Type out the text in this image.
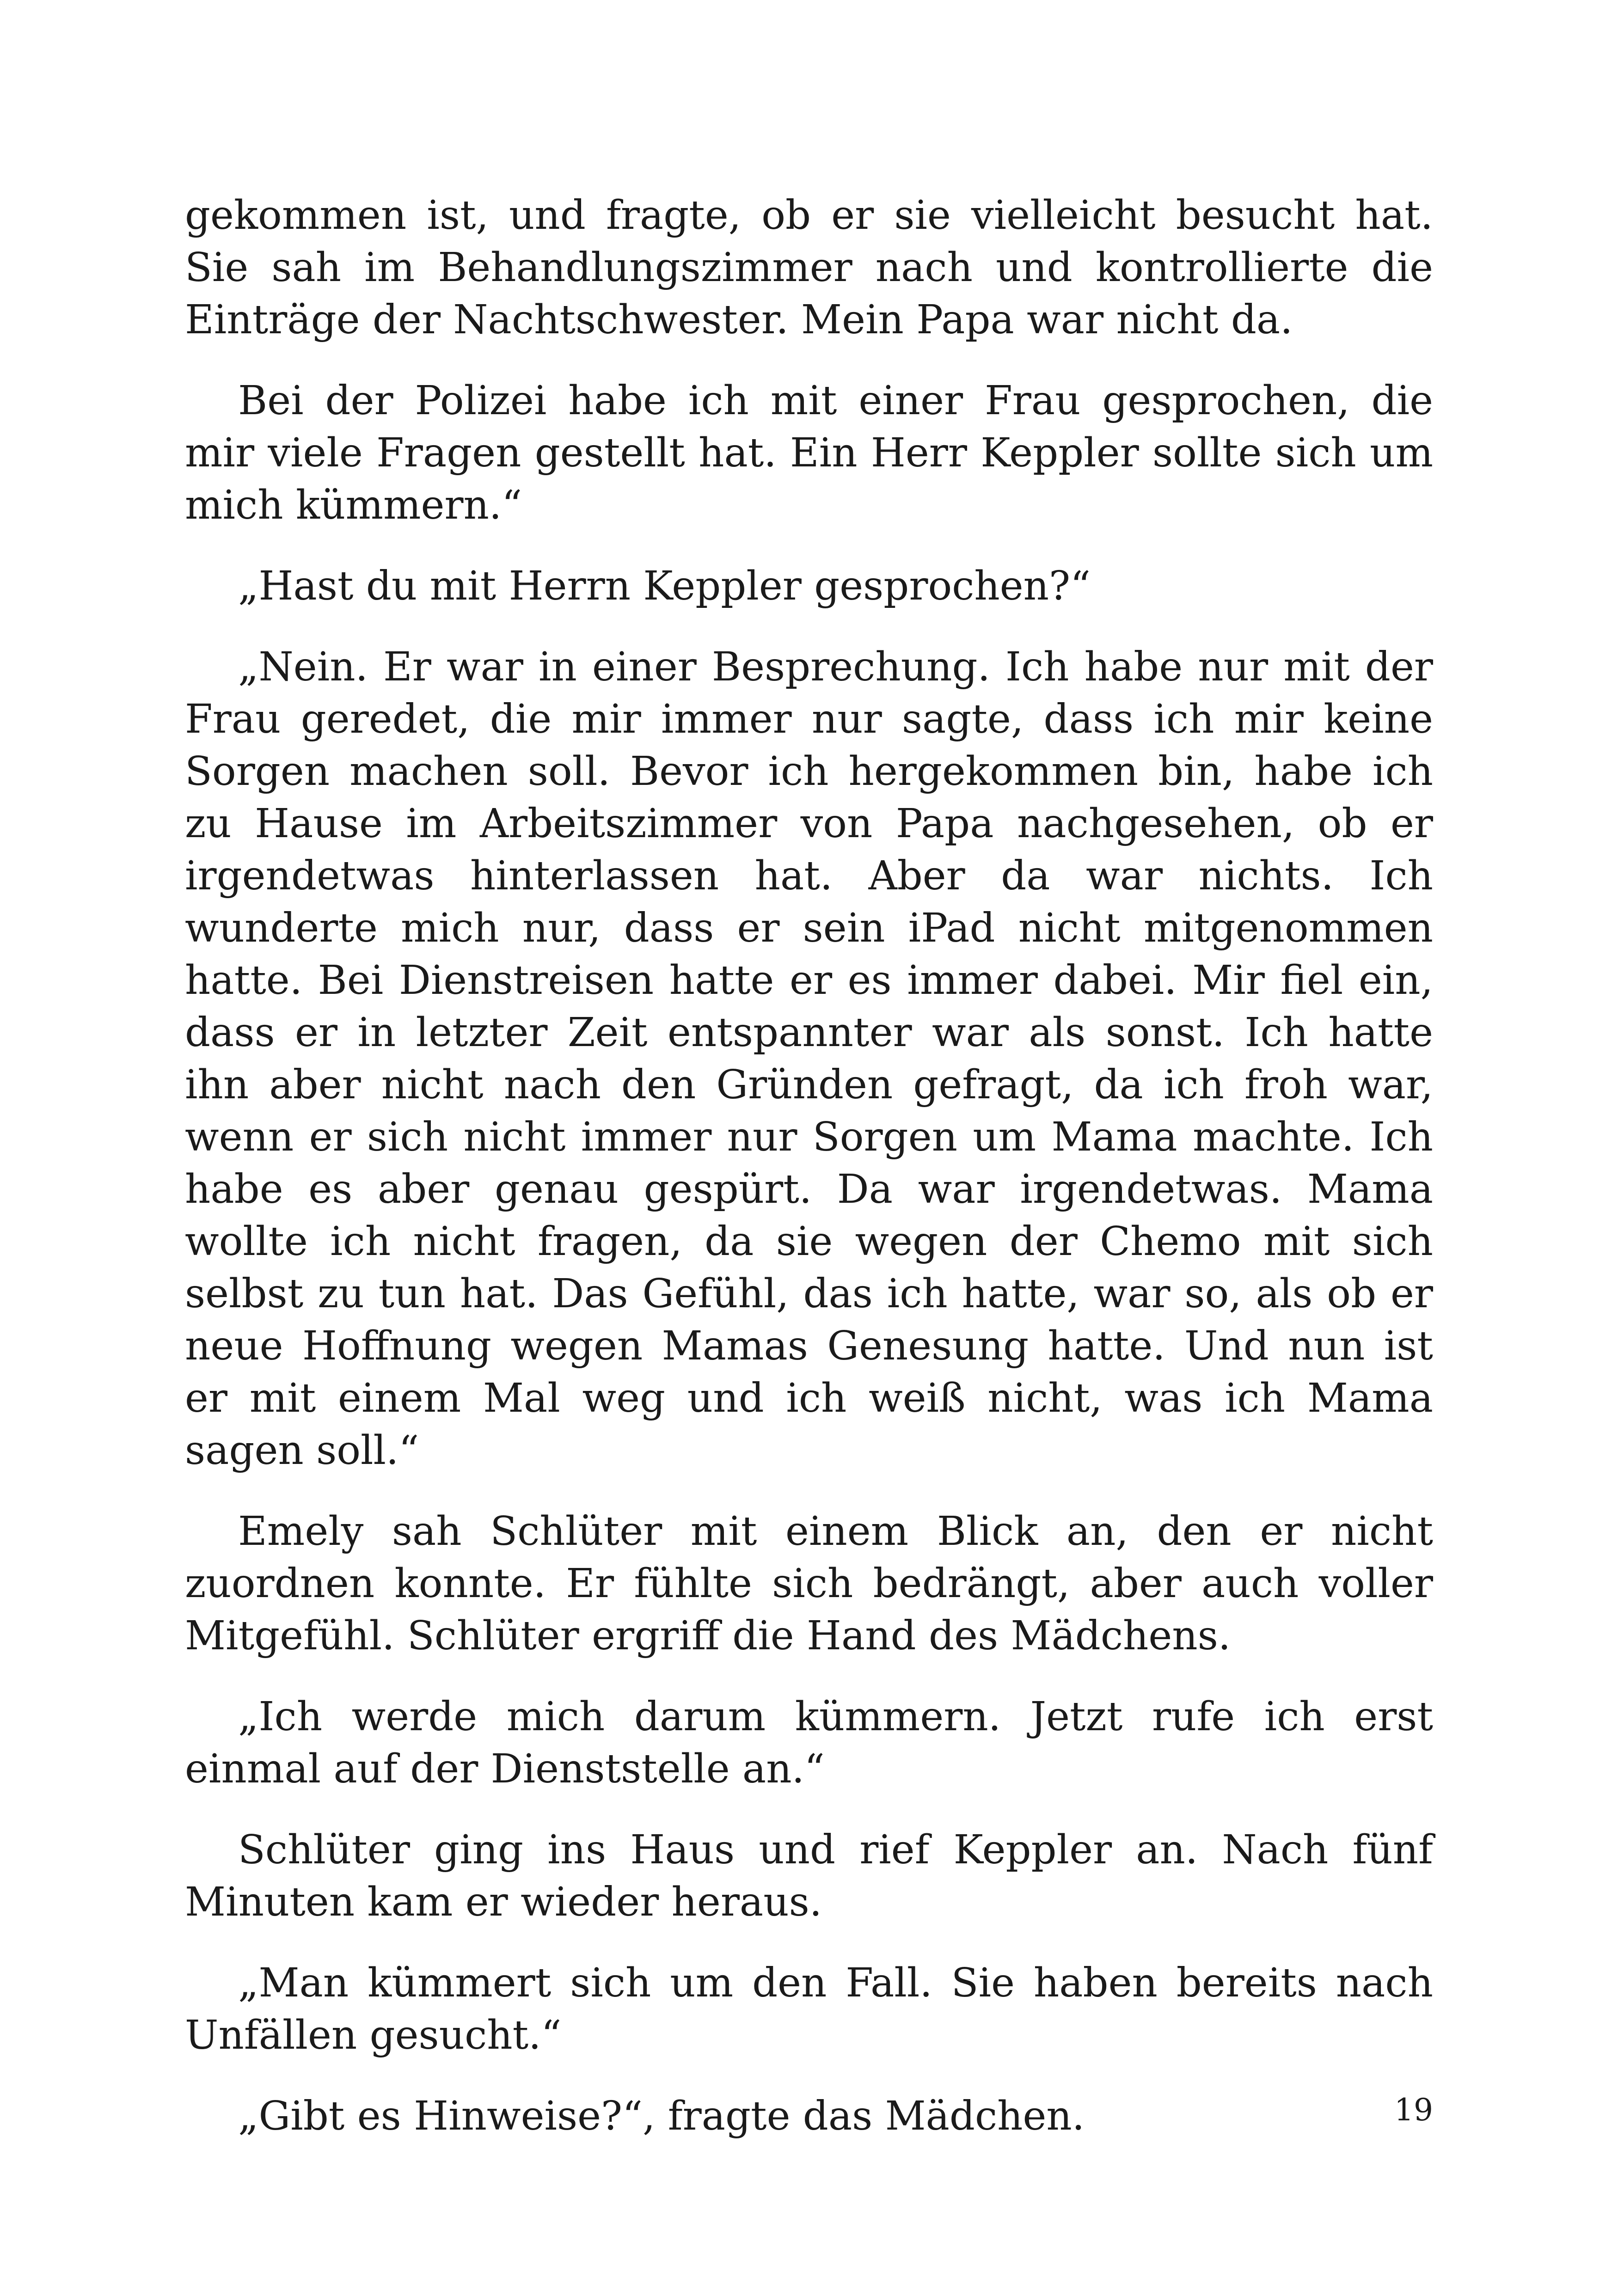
gekommen ist, und fragte, ob er sie vielleicht besucht hat. Sie sah im Behandlungszimmer nach und kontrollierte die Einträge der Nachtschwester. Mein Papa war nicht da.

Bei der Polizei habe ich mit einer Frau gesprochen, die mir viele Fragen gestellt hat. Ein Herr Keppler sollte sich um mich kümmern.“

„Hast du mit Herrn Keppler gesprochen?“

„Nein. Er war in einer Besprechung. Ich habe nur mit der Frau geredet, die mir immer nur sagte, dass ich mir keine Sorgen machen soll. Bevor ich hergekommen bin, habe ich zu Hause im Arbeitszimmer von Papa nachgesehen, ob er irgendetwas hinterlassen hat. Aber da war nichts. Ich wunderte mich nur, dass er sein iPad nicht mitgenommen hatte. Bei Dienstreisen hatte er es immer dabei. Mir fiel ein, dass er in letzter Zeit entspannter war als sonst. Ich hatte ihn aber nicht nach den Gründen gefragt, da ich froh war, wenn er sich nicht immer nur Sorgen um Mama machte. Ich habe es aber genau gespürt. Da war irgendetwas. Mama wollte ich nicht fragen, da sie wegen der Chemo mit sich selbst zu tun hat. Das Gefühl, das ich hatte, war so, als ob er neue Hoffnung wegen Mamas Genesung hatte. Und nun ist er mit einem Mal weg und ich weiß nicht, was ich Mama sagen soll.“

Emely sah Schlüter mit einem Blick an, den er nicht zuordnen konnte. Er fühlte sich bedrängt, aber auch voller Mitgefühl. Schlüter ergriff die Hand des Mädchens.

„Ich werde mich darum kümmern. Jetzt rufe ich erst einmal auf der Dienststelle an.“

Schlüter ging ins Haus und rief Keppler an. Nach fünf Minuten kam er wieder heraus.

„Man kümmert sich um den Fall. Sie haben bereits nach Unfällen gesucht.“

„Gibt es Hinweise?“, fragte das Mädchen.	19
